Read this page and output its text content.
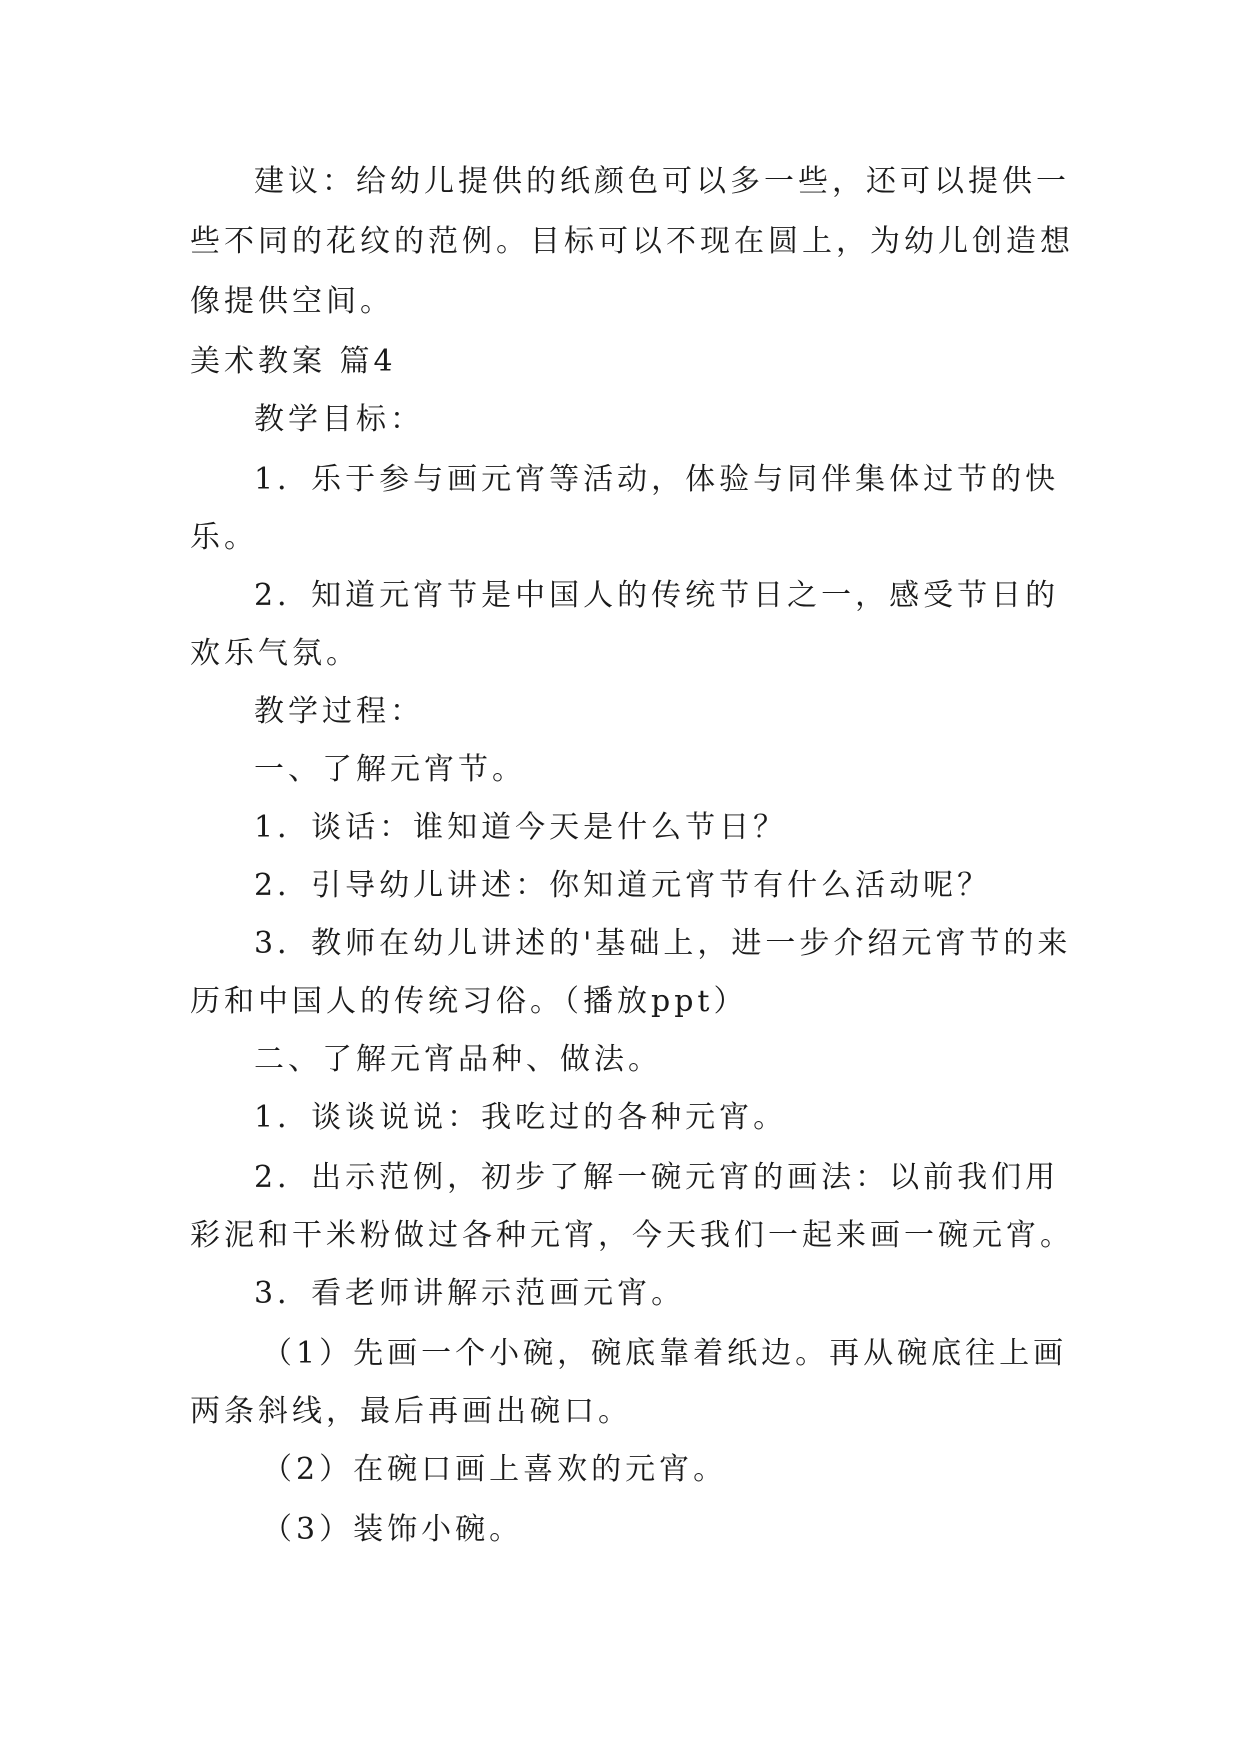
建议：给幼儿提供的纸颜色可以多一些，还可以提供一
些不同的花纹的范例。目标可以不现在圆上，为幼儿创造想
像提供空间。
美术教案 篇4
教学目标：
1．乐于参与画元宵等活动，体验与同伴集体过节的快
乐。
2．知道元宵节是中国人的传统节日之一，感受节日的
欢乐气氛。
教学过程：
一、了解元宵节。
1．谈话：谁知道今天是什么节日？
2．引导幼儿讲述：你知道元宵节有什么活动呢？
3．教师在幼儿讲述的'基础上，进一步介绍元宵节的来
历和中国人的传统习俗。（播放ppt）
二、了解元宵品种、做法。
1．谈谈说说：我吃过的各种元宵。
2．出示范例，初步了解一碗元宵的画法：以前我们用
彩泥和干米粉做过各种元宵，今天我们一起来画一碗元宵。
3．看老师讲解示范画元宵。
（1）先画一个小碗，碗底靠着纸边。再从碗底往上画
两条斜线，最后再画出碗口。
（2）在碗口画上喜欢的元宵。
（3）装饰小碗。
